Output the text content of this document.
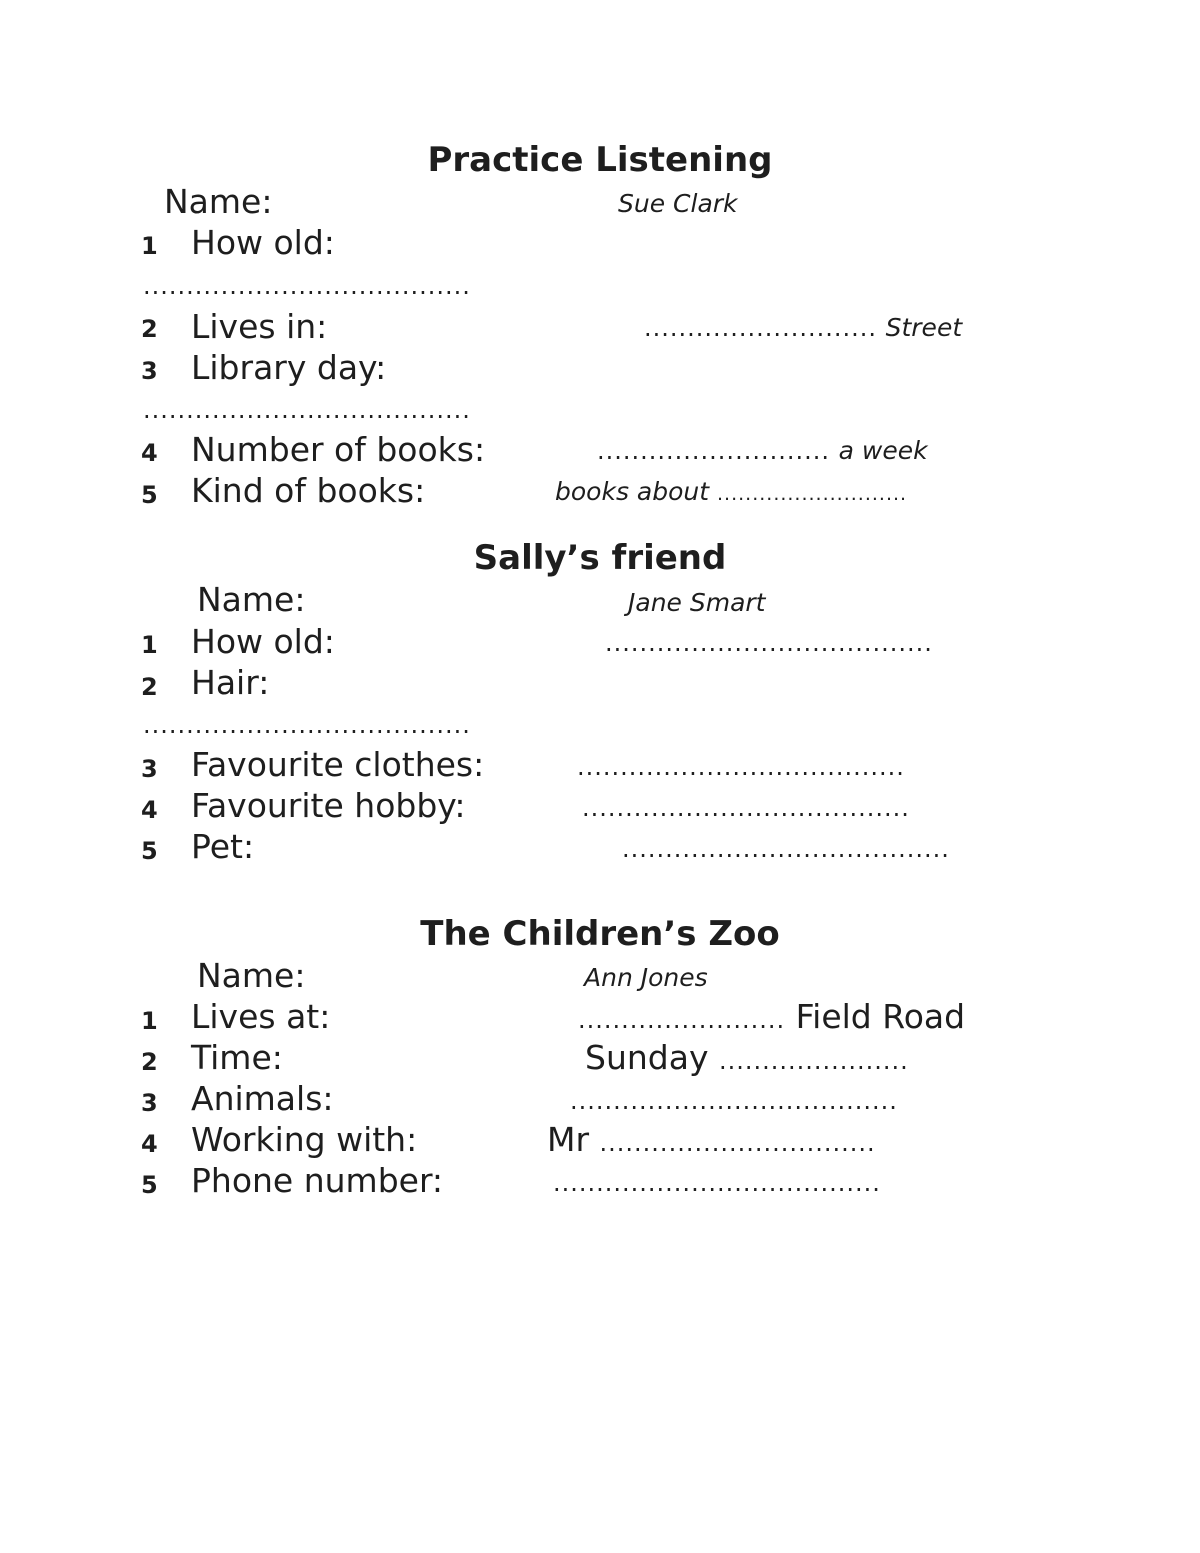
Practice Listening
Name:	Sue Clark
1 How old:
......................................
2 Lives in:	........................... Street
3 Library day:
......................................
4 Number of books:	........................... a week
5 Kind of books:	books about ...........................
Sally’s friend
Name:	Jane Smart
1 How old:	......................................
2 Hair:
......................................
3 Favourite clothes:	......................................
4 Favourite hobby:	......................................
5 Pet:	......................................
The Children’s Zoo
Name:	Ann Jones
1 Lives at:	........................ Field Road
2 Time:	Sunday ......................
3 Animals:	......................................
4 Working with:	Mr ................................
5 Phone number:	......................................
